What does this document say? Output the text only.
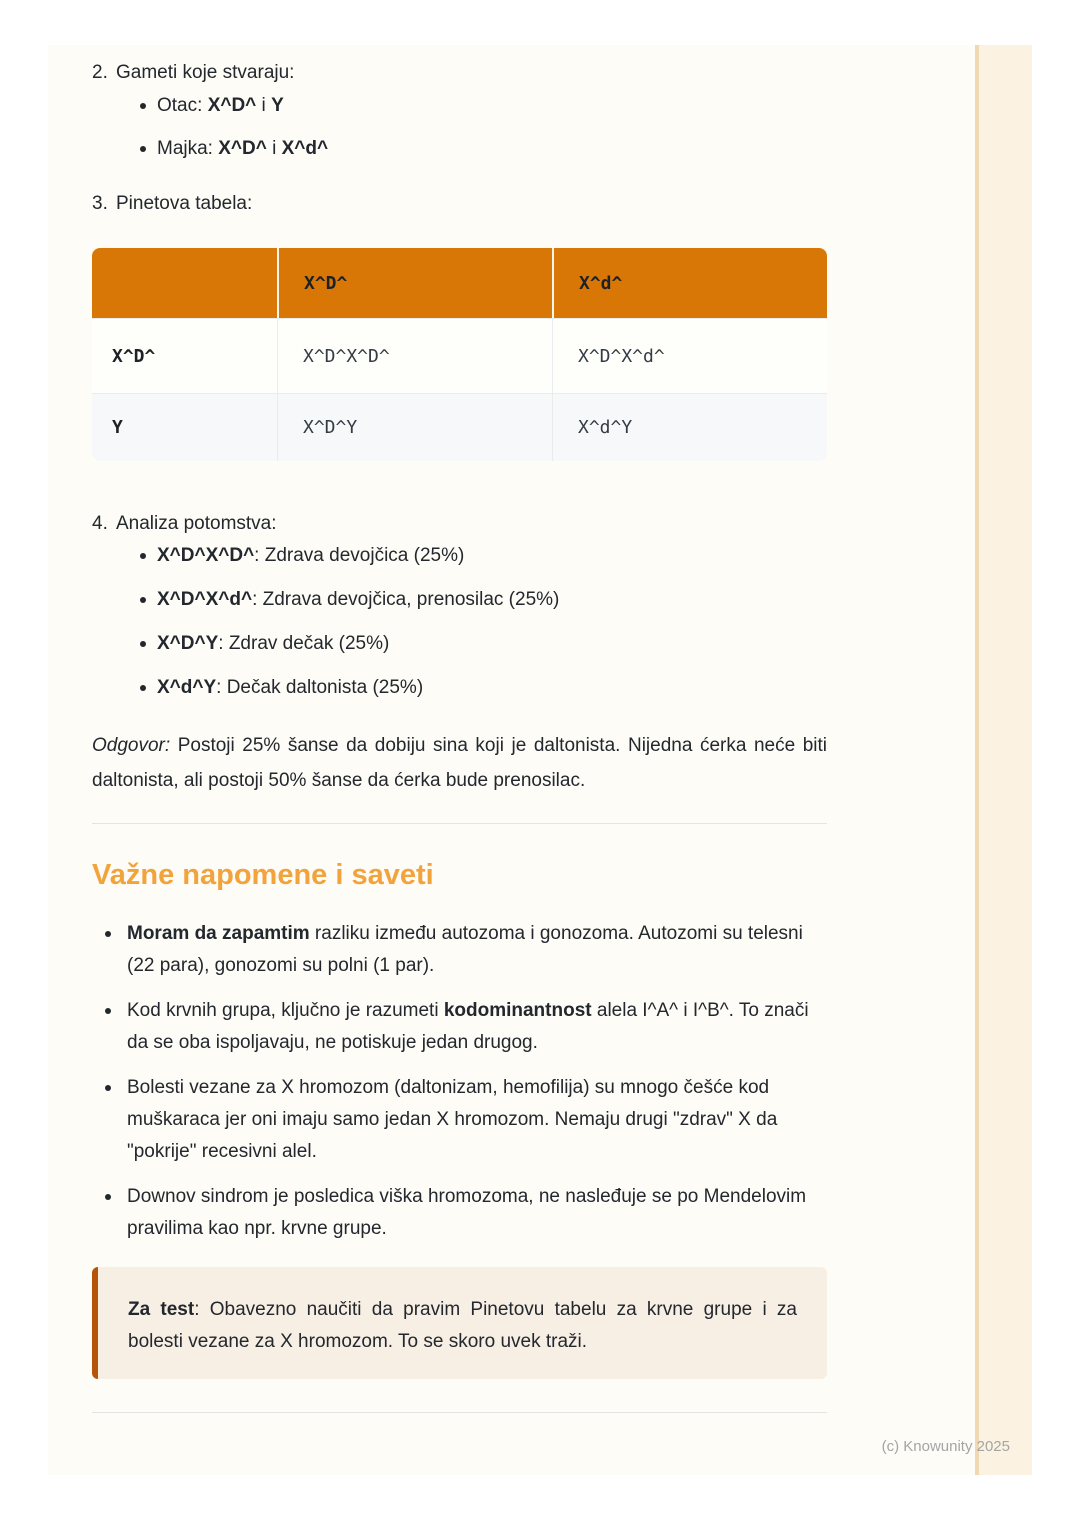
2. Gameti koje stvaraju:
Otac: X^D^ i Y
Majka: X^D^ i X^d^
3. Pinetova tabela:
	X^D^	X^d^
X^D^	X^D^X^D^	X^D^X^d^
Y	X^D^Y	X^d^Y
4. Analiza potomstva:
X^D^X^D^: Zdrava devojčica (25%)
X^D^X^d^: Zdrava devojčica, prenosilac (25%)
X^D^Y: Zdrav dečak (25%)
X^d^Y: Dečak daltonista (25%)

Odgovor: Postoji 25% šanse da dobiju sina koji je daltonista. Nijedna ćerka neće biti daltonista, ali postoji 50% šanse da ćerka bude prenosilac.

Važne napomene i saveti
Moram da zapamtim razliku između autozoma i gonozoma. Autozomi su telesni (22 para), gonozomi su polni (1 par).
Kod krvnih grupa, ključno je razumeti kodominantnost alela I^A^ i I^B^. To znači da se oba ispoljavaju, ne potiskuje jedan drugog.
Bolesti vezane za X hromozom (daltonizam, hemofilija) su mnogo češće kod muškaraca jer oni imaju samo jedan X hromozom. Nemaju drugi "zdrav" X da "pokrije" recesivni alel.
Downov sindrom je posledica viška hromozoma, ne nasleđuje se po Mendelovim pravilima kao npr. krvne grupe.
Za test: Obavezno naučiti da pravim Pinetovu tabelu za krvne grupe i za bolesti vezane za X hromozom. To se skoro uvek traži.
(c) Knowunity 2025
